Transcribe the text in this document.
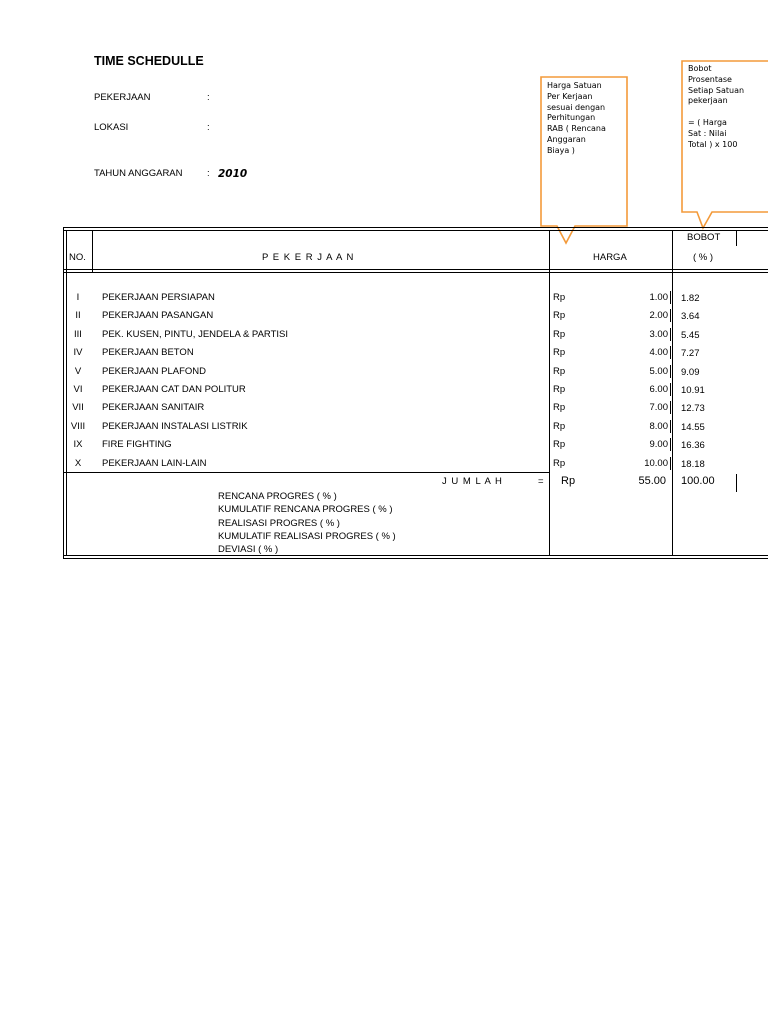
TIME SCHEDULLE
PEKERJAAN	:
LOKASI	:
TAHUN ANGGARAN	: 2010
Harga Satuan
Per Kerjaan
sesuai dengan
Perhitungan
RAB ( Rencana
Anggaran
Biaya )
Bobot
Prosentase
Setiap Satuan
pekerjaan

= ( Harga
Sat : Nilai
Total ) x 100
NO.	P E K E R J A A N	HARGA
BOBOT
( % )
I	PEKERJAAN PERSIAPAN	Rp	1.00 1.82
II	PEKERJAAN PASANGAN	Rp	2.00 3.64
III	PEK. KUSEN, PINTU, JENDELA & PARTISI	Rp	3.00 5.45
IV	PEKERJAAN BETON	Rp	4.00 7.27
V	PEKERJAAN PLAFOND	Rp	5.00 9.09
VI	PEKERJAAN CAT DAN POLITUR	Rp	6.00 10.91
VII	PEKERJAAN SANITAIR	Rp	7.00 12.73
VIII	PEKERJAAN INSTALASI LISTRIK	Rp	8.00 14.55
IX	FIRE FIGHTING	Rp	9.00 16.36
X	PEKERJAAN LAIN-LAIN	Rp	10.00 18.18
J U M L A H	= Rp	55.00 100.00
RENCANA PROGRES ( % )
KUMULATIF RENCANA PROGRES ( % )
REALISASI PROGRES ( % )
KUMULATIF REALISASI PROGRES ( % )
DEVIASI ( % )
